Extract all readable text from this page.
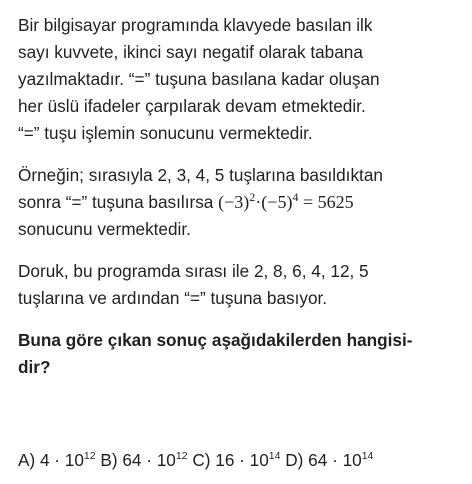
Bir bilgisayar programında klavyede basılan ilk
sayı kuvvete, ikinci sayı negatif olarak tabana
yazılmaktadır. “=” tuşuna basılana kadar oluşan
her üslü ifadeler çarpılarak devam etmektedir.
“=” tuşu işlemin sonucunu vermektedir.

Örneğin; sırasıyla 2, 3, 4, 5 tuşlarına basıldıktan
sonra “=” tuşuna basılırsa $(-3)^2\cdot(-5)^4 = 5625$
sonucunu vermektedir.

Doruk, bu programda sırası ile 2, 8, 6, 4, 12, 5
tuşlarına ve ardından “=” tuşuna basıyor.

Buna göre çıkan sonuç aşağıdakilerden hangisi-
dir?

A) $4 \cdot 10^{12}$ B) $64 \cdot 10^{12}$ C) $16 \cdot 10^{14}$ D) $64 \cdot 10^{14}$
